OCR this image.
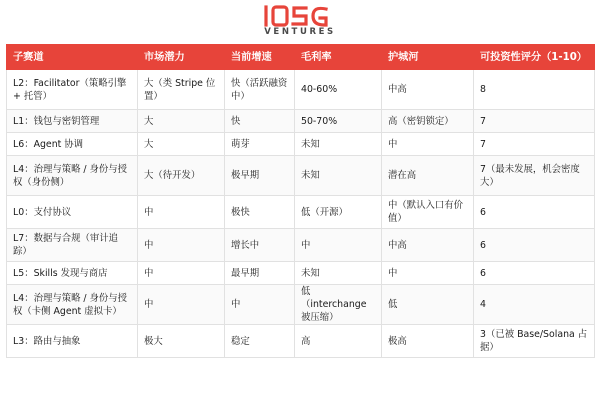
VENTURES
子赛道	市场潜力	当前增速	毛利率	护城河	可投资性评分（1-10）
L2：Facilitator（策略引擎 + 托管）	大（类 Stripe 位置）	快（活跃融资中）	40-60%	中高	8
L1：钱包与密钥管理	大	快	50-70%	高（密钥锁定）	7
L6：Agent 协调	大	萌芽	未知	中	7
L4：治理与策略 / 身份与授权（身份侧）	大（待开发）	极早期	未知	潜在高	7（最未发展，机会密度大）
L0：支付协议	中	极快	低（开源）	中（默认入口有价值）	6
L7：数据与合规（审计追踪）	中	增长中	中	中高	6
L5：Skills 发现与商店	中	最早期	未知	中	6
L4：治理与策略 / 身份与授权（卡侧 Agent 虚拟卡）	中	中	低（interchange 被压缩）	低	4
L3：路由与抽象	极大	稳定	高	极高	3（已被 Base/Solana 占据）
